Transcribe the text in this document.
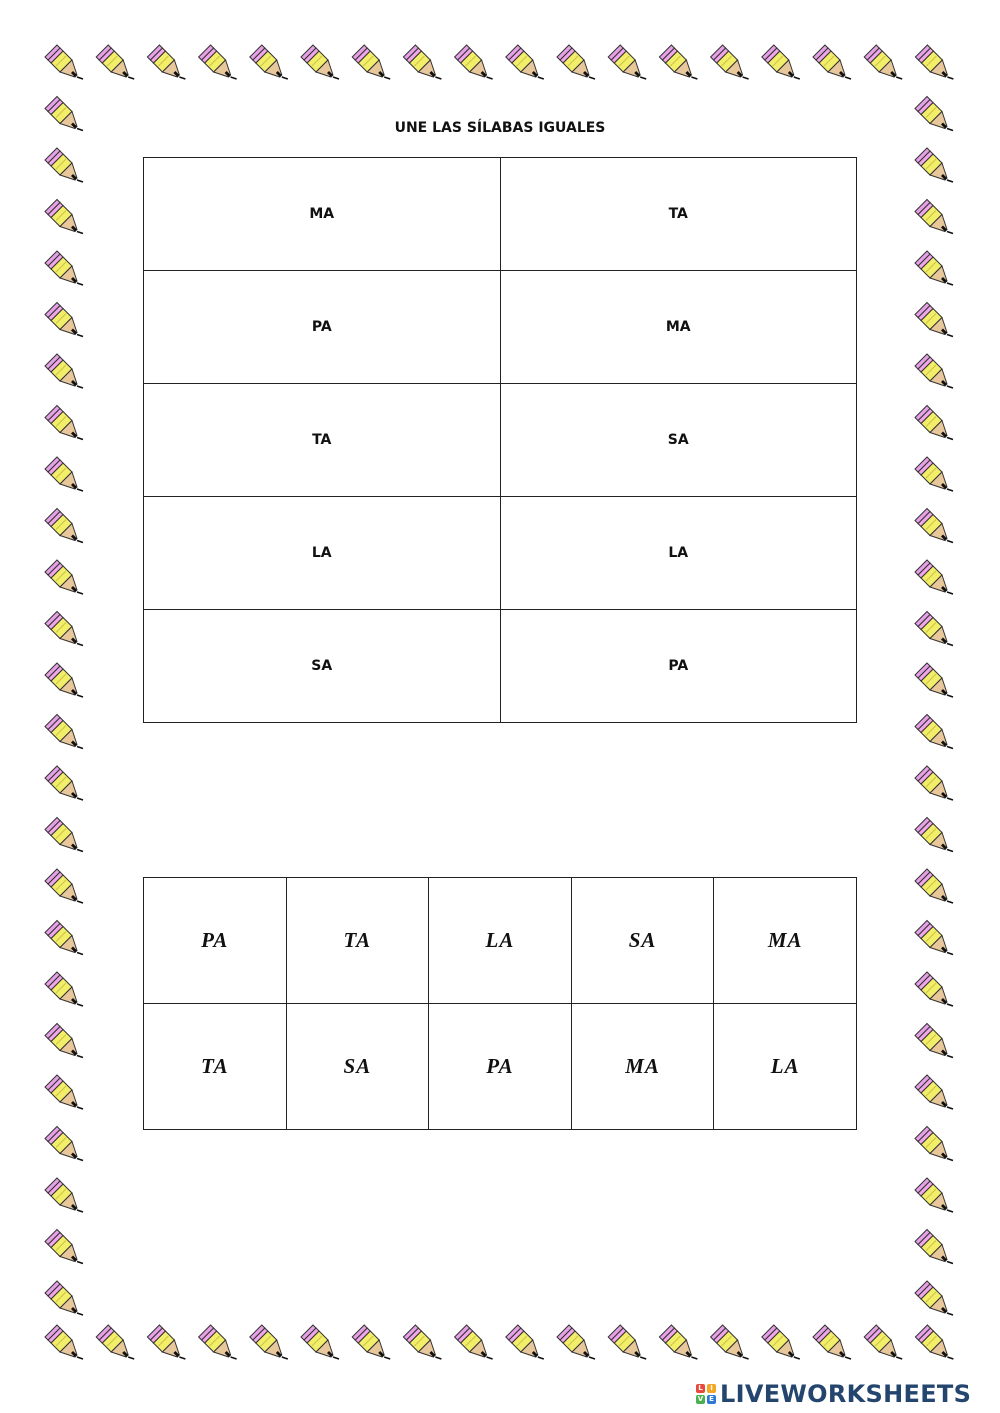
UNE LAS SÍLABAS IGUALES
MA	TA
PA	MA
TA	SA
LA	LA
SA	PA
PA	TA	LA	SA	MA
TA	SA	PA	MA	LA
L	I
V E LIVEWORKSHEETS
